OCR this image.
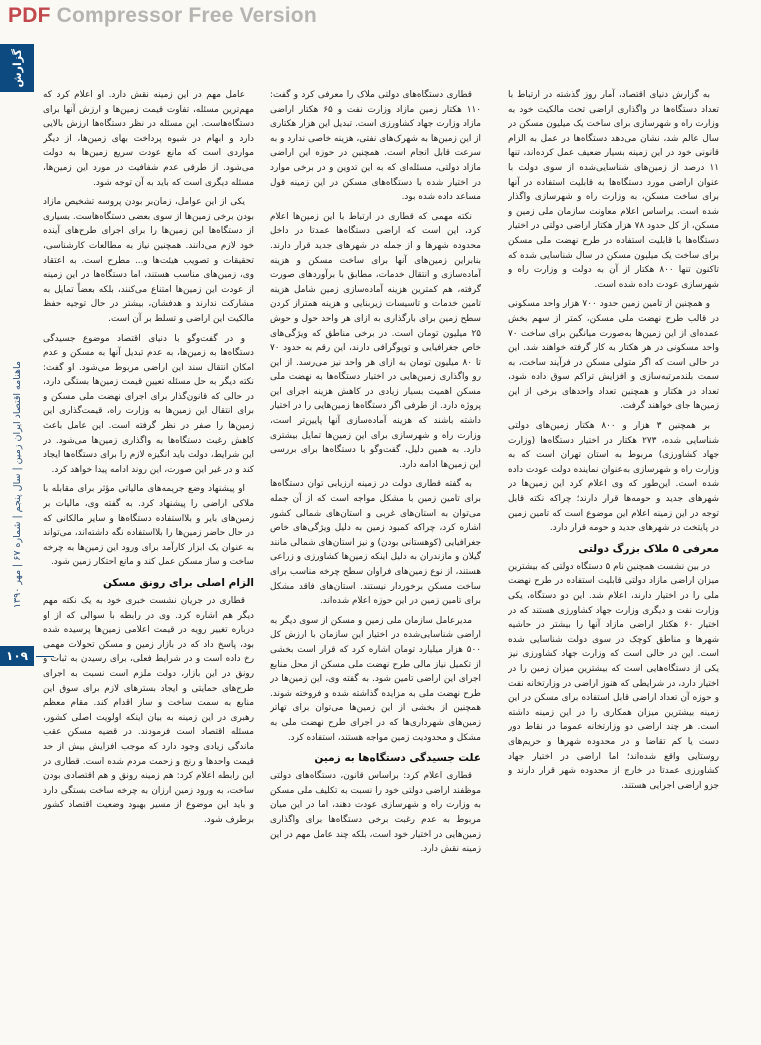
PDF Compressor Free Version
گزارش
ماهنامه اقتصاد ایران زمین | سال پنجم | شماره ۶۷ | مهر ۱۳۹۰
۱۰۹

به گزارش دنیای اقتصاد، آمار روز گذشته در ارتباط با تعداد دستگاه‌ها در واگذاری اراضی تحت مالکیت خود به وزارت راه و شهرسازی برای ساخت یک میلیون مسکن در سال عالم شد، نشان می‌دهد دستگاه‌ها در عمل به الزام قانونی خود در این زمینه بسیار ضعیف عمل کرده‌اند، تنها ۱۱ درصد از زمین‌های شناسایی‌شده از سوی دولت با عنوان اراضی مورد دستگاه‌ها به قابلیت استفاده در آنها برای ساخت مسکن، به وزارت راه و شهرسازی واگذار شده است. براساس اعلام معاونت سازمان ملی زمین و مسکن، از کل حدود ۷۸ هزار هکتار اراضی دولتی در اختیار دستگاه‌ها با قابلیت استفاده در طرح نهضت ملی مسکن برای ساخت یک میلیون مسکن در سال شناسایی شده که تاکنون تنها ۸۰۰ هکتار از آن به دولت و وزارت راه و شهرسازی عودت داده شده است.

و همچنین از تامین زمین حدود ۷۰۰ هزار واحد مسکونی در قالب طرح نهضت ملی مسکن، کمتر از سهم بخش عمده‌ای از این زمین‌ها به‌صورت میانگین برای ساخت ۷۰ واحد مسکونی در هر هکتار به کار گرفته خواهند شد. این در حالی است که اگر متولی مسکن در فرآیند ساخت، به سمت بلندمرتبه‌سازی و افزایش تراکم سوق داده شود، تعداد در هکتار و همچنین تعداد واحدهای برخی از این زمین‌ها جای خواهند گرفت.

بر همچنین ۳ هزار و ۸۰۰ هکتار زمین‌های دولتی شناسایی شده، ۲۷۳ هکتار در اختیار دستگاه‌ها (وزارت جهاد کشاورزی) مربوط به استان تهران است که به وزارت راه و شهرسازی به‌عنوان نماینده دولت عودت داده شده است. این‌طور که وی اعلام کرد این زمین‌ها در شهرهای جدید و حومه‌ها قرار دارند؛ چراکه نکته قابل توجه در این زمینه اعلام این موضوع است که تامین زمین در پایتخت در شهرهای جدید و حومه قرار دارد.

معرفی ۵ ملاک بزرگ دولتی

در بین نشست همچنین نام ۵ دستگاه دولتی که بیشترین میزان اراضی مازاد دولتی قابلیت استفاده در طرح نهضت ملی را در اختیار دارند، اعلام شد. این دو دستگاه، یکی وزارت نفت و دیگری وزارت جهاد کشاورزی هستند که در اختیار ۶۰ هکتار اراضی مازاد آنها را بیشتر در حاشیه شهرها و مناطق کوچک در سوی دولت شناسایی شده است. این در حالی است که وزارت جهاد کشاورزی نیز یکی از دستگاه‌هایی است که بیشترین میزان زمین را در اختیار دارد، در شرایطی که هنوز اراضی در وزارتخانه نفت و حوزه آن تعداد اراضی قابل استفاده برای مسکن در این زمینه بیشترین میزان همکاری را در این زمینه داشته است. هر چند اراضی دو وزارتخانه عموما در نقاط دور دست یا کم تقاضا و در محدوده شهرها و حریم‌های روستایی واقع شده‌اند؛ اما اراضی در اختیار جهاد کشاورزی عمدتا در خارج از محدوده شهر قرار دارند و جزو اراضی اجرایی هستند.

قطاری دستگاه‌های دولتی ملاک را معرفی کرد و گفت: ۱۱۰ هکتار زمین مازاد وزارت نفت و ۶۵ هکتار اراضی مازاد وزارت جهاد کشاورزی است. تبدیل این هزار هکتاری از این زمین‌ها به شهرک‌های نفتی، هزینه خاصی ندارد و به سرعت قابل انجام است. همچنین در حوزه این اراضی مازاد دولتی، مسئله‌ای که به این تدوین و در برخی موارد در اختیار شده با دستگاه‌های مسکن در این زمینه قول مساعد داده شده بود.

نکته مهمی که قطاری در ارتباط با این زمین‌ها اعلام کرد، این است که اراضی دستگاه‌ها عمدتا در داخل محدوده شهرها و از جمله در شهرهای جدید قرار دارند. بنابراین زمین‌های آنها برای ساخت مسکن و هزینه آماده‌سازی و انتقال خدمات، مطابق با برآوردهای صورت گرفته، هم کمترین هزینه آماده‌سازی زمین شامل هزینه تامین خدمات و تاسیسات زیربنایی و هزینه همتراز کردن سطح زمین برای بارگذاری به ازای هر واحد حول و حوش ۲۵ میلیون تومان است. در برخی مناطق که ویژگی‌های خاص جغرافیایی و توپوگرافی دارند، این رقم به حدود ۷۰ تا ۸۰ میلیون تومان به ازای هر واحد نیز می‌رسد. از این رو واگذاری زمین‌هایی در اختیار دستگاه‌ها به نهضت ملی مسکن اهمیت بسیار زیادی در کاهش هزینه اجرای این پروژه دارد. از طرفی اگر دستگاه‌ها زمین‌هایی را در اختیار داشته باشند که هزینه آماده‌سازی آنها پایین‌تر است، وزارت راه و شهرسازی برای این زمین‌ها تمایل بیشتری دارد. به همین دلیل، گفت‌وگو با دستگاه‌ها برای بررسی این زمین‌ها ادامه دارد.

به گفته قطاری دولت در زمینه ارزیابی توان دستگاه‌ها برای تامین زمین با مشکل مواجه است که از آن جمله می‌توان به استان‌های غربی و استان‌های شمالی کشور اشاره کرد، چراکه کمبود زمین به دلیل ویژگی‌های خاص جغرافیایی (کوهستانی بودن) و نیز استان‌های شمالی مانند گیلان و مازندران به دلیل اینکه زمین‌ها کشاورزی و زراعی هستند، از نوع زمین‌های فراوان سطح چرخه مناسب برای ساخت مسکن برخوردار نیستند. استان‌های فاقد مشکل برای تامین زمین در این حوزه اعلام شده‌اند.

مدیرعامل سازمان ملی زمین و مسکن از سوی دیگر به اراضی شناسایی‌شده در اختیار این سازمان با ارزش کل ۵۰۰ هزار میلیارد تومان اشاره کرد که قرار است بخشی از تکمیل نیاز مالی طرح نهضت ملی مسکن از محل منابع اجرای این اراضی تامین شود. به گفته وی، این زمین‌ها در طرح نهضت ملی به مزایده گذاشته شده و فروخته شوند. همچنین از بخشی از این زمین‌ها می‌توان برای تهاتر زمین‌های شهرداری‌ها که در اجرای طرح نهضت ملی به مشکل و محدودیت زمین مواجه هستند، استفاده کرد.

علت جسیدگی دستگاه‌ها به زمین

قطاری اعلام کرد: براساس قانون، دستگاه‌های دولتی موظفند اراضی دولتی خود را نسبت به تکلیف ملی مسکن به وزارت راه و شهرسازی عودت دهند، اما در این میان مربوط به عدم رغبت برخی دستگاه‌ها برای واگذاری زمین‌هایی در اختیار خود است، بلکه چند عامل مهم در این زمینه نقش دارد.

عامل مهم در این زمینه نقش دارد. او اعلام کرد که مهم‌ترین مسئله، تفاوت قیمت زمین‌ها و ارزش آنها برای دستگاه‌هاست. این مسئله در نظر دستگاه‌ها ارزش بالایی دارد و ابهام در شیوه پرداخت بهای زمین‌ها، از دیگر مواردی است که مانع عودت سریع زمین‌ها به دولت می‌شود. از طرفی عدم شفافیت در مورد این زمین‌ها، مسئله دیگری است که باید به آن توجه شود.

یکی از این عوامل، زمان‌بر بودن پروسه تشخیص مازاد بودن برخی زمین‌ها از سوی بعضی دستگاه‌هاست. بسیاری از دستگاه‌ها این زمین‌ها را برای اجرای طرح‌های آینده خود لازم می‌دانند. همچنین نیاز به مطالعات کارشناسی، تحقیقات و تصویب هیئت‌ها و... مطرح است. به اعتقاد وی، زمین‌های مناسب هستند، اما دستگاه‌ها در این زمینه از عودت این زمین‌ها امتناع می‌کنند، بلکه بعضاً تمایل به مشارکت ندارند و هدفشان، بیشتر در حال توجیه حفظ مالکیت این اراضی و تسلط بر آن است.

و در گفت‌وگو با دنیای اقتصاد موضوع جسیدگی دستگاه‌ها به زمین‌ها، به عدم تبدیل آنها به مسکن و عدم امکان انتقال سند این اراضی مربوط می‌شود. او گفت: نکته دیگر به حل مسئله تعیین قیمت زمین‌ها بستگی دارد، در حالی که قانون‌گذار برای اجرای نهضت ملی مسکن و برای انتقال این زمین‌ها به وزارت راه، قیمت‌گذاری این زمین‌ها را صفر در نظر گرفته است. این عامل باعث کاهش رغبت دستگاه‌ها به واگذاری زمین‌ها می‌شود. در این شرایط، دولت باید انگیزه لازم را برای دستگاه‌ها ایجاد کند و در غیر این صورت، این روند ادامه پیدا خواهد کرد.

او پیشنهاد وضع جریمه‌های مالیاتی مؤثر برای مقابله با ملاکی اراضی را پیشنهاد کرد. به گفته وی، مالیات بر زمین‌های بایر و بلااستفاده دستگاه‌ها و سایر مالکانی که در حال حاضر زمین‌ها را بلااستفاده نگه داشته‌اند، می‌تواند به عنوان یک ابزار کارآمد برای ورود این زمین‌ها به چرخه ساخت و ساز مسکن عمل کند و مانع احتکار زمین شود.

الزام اصلی برای رونق مسکن

قطاری در جریان نشست خبری خود به یک نکته مهم دیگر هم اشاره کرد. وی در رابطه با سوالی که از او درباره تغییر رویه در قیمت اعلامی زمین‌ها پرسیده شده بود، پاسخ داد که در بازار زمین و مسکن تحولات مهمی رخ داده است و در شرایط فعلی، برای رسیدن به ثبات و رونق در این بازار، دولت ملزم است نسبت به اجرای طرح‌های حمایتی و ایجاد بسترهای لازم برای سوق این منابع به سمت ساخت و ساز اقدام کند. مقام معظم رهبری در این زمینه به بیان اینکه اولویت اصلی کشور، مسئله اقتصاد است فرمودند. در قضیه مسکن عقب ماندگی زیادی وجود دارد که موجب افزایش بیش از حد قیمت واحدها و رنج و زحمت مردم شده است. قطاری در این رابطه اعلام کرد: هم زمینه رونق و هم اقتصادی بودن ساخت، به ورود زمین ارزان به چرخه ساخت بستگی دارد و باید این موضوع از مسیر بهبود وضعیت اقتصاد کشور برطرف شود.
